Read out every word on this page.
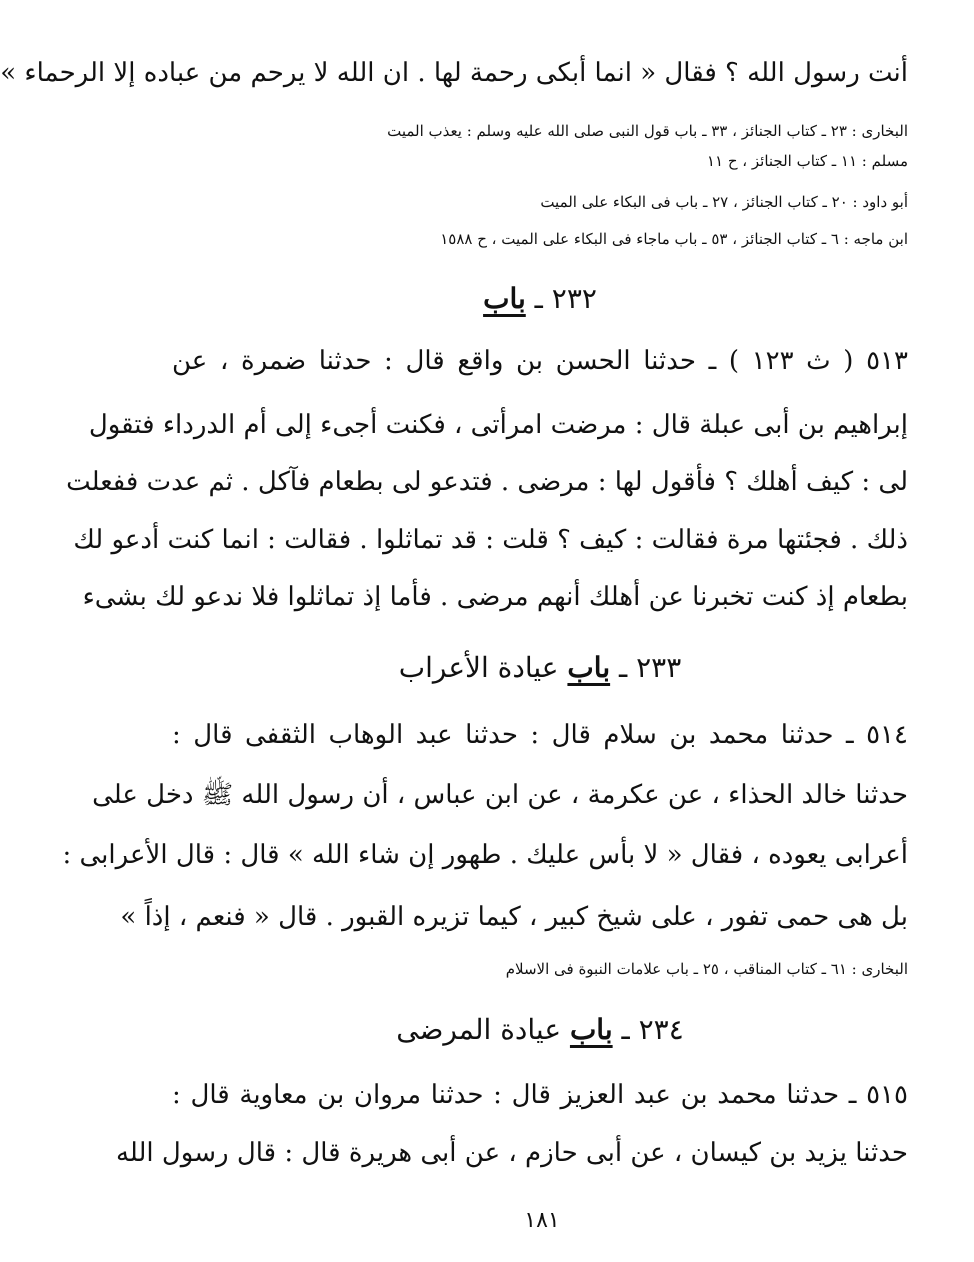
أنت رسول الله ؟ فقال « انما أبكى رحمة لها . ان الله لا يرحم من عباده إلا الرحماء »
البخارى : ٢٣ ـ كتاب الجنائز ، ٣٣ ـ باب قول النبى صلى الله عليه وسلم : يعذب الميت
مسلم : ١١ ـ كتاب الجنائز ، ح ١١
أبو داود : ٢٠ ـ كتاب الجنائز ، ٢٧ ـ باب فى البكاء على الميت
ابن ماجه : ٦ ـ كتاب الجنائز ، ٥٣ ـ باب ماجاء فى البكاء على الميت ، ح ١٥٨٨
٢٣٢ ـ باب
٥١٣ ( ث ١٢٣ ) ـ حدثنا الحسن بن واقع قال : حدثنا ضمرة ، عن
إبراهيم بن أبى عبلة قال : مرضت امرأتى ، فكنت أجىء إلى أم الدرداء فتقول
لى : كيف أهلك ؟ فأقول لها : مرضى . فتدعو لى بطعام فآكل . ثم عدت ففعلت
ذلك . فجئتها مرة فقالت : كيف ؟ قلت : قد تماثلوا . فقالت : انما كنت أدعو لك
بطعام إذ كنت تخبرنا عن أهلك أنهم مرضى . فأما إذ تماثلوا فلا ندعو لك بشىء
٢٣٣ ـ باب عيادة الأعراب
٥١٤ ـ حدثنا محمد بن سلام قال : حدثنا عبد الوهاب الثقفى قال :
حدثنا خالد الحذاء ، عن عكرمة ، عن ابن عباس ، أن رسول الله ﷺ دخل على
أعرابى يعوده ، فقال « لا بأس عليك . طهور إن شاء الله » قال : قال الأعرابى :
بل هى حمى تفور ، على شيخ كبير ، كيما تزيره القبور . قال « فنعم ، إذاً »
البخارى : ٦١ ـ كتاب المناقب ، ٢٥ ـ باب علامات النبوة فى الاسلام
٢٣٤ ـ باب عيادة المرضى
٥١٥ ـ حدثنا محمد بن عبد العزيز قال : حدثنا مروان بن معاوية قال :
حدثنا يزيد بن كيسان ، عن أبى حازم ، عن أبى هريرة قال : قال رسول الله
١٨١
